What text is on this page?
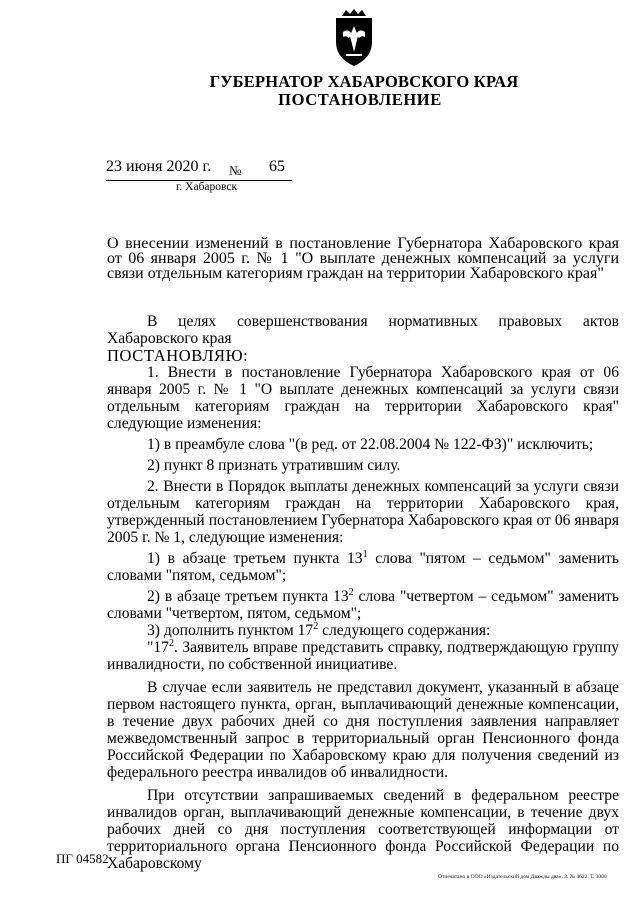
ГУБЕРНАТОР ХАБАРОВСКОГО КРАЯ
ПОСТАНОВЛЕНИЕ
23 июня 2020 г. № 65
г. Хабаровск
О внесении изменений в постановление Губернатора Хабаровского края от 06 января 2005 г. № 1 "О выплате денежных компенсаций за услуги связи отдельным категориям граждан на территории Хабаровского края"

В целях совершенствования нормативных правовых актов Хабаровского края

ПОСТАНОВЛЯЮ:

1. Внести в постановление Губернатора Хабаровского края от 06 января 2005 г. № 1 "О выплате денежных компенсаций за услуги связи отдельным категориям граждан на территории Хабаровского края" следующие изменения:

1) в преамбуле слова "(в ред. от 22.08.2004 № 122-ФЗ)" исключить;

2) пункт 8 признать утратившим силу.

2. Внести в Порядок выплаты денежных компенсаций за услуги связи отдельным категориям граждан на территории Хабаровского края, утвержденный постановлением Губернатора Хабаровского края от 06 января 2005 г. № 1, следующие изменения:

1) в абзаце третьем пункта $13^1$ слова "пятом – седьмом" заменить словами "пятом, седьмом";

2) в абзаце третьем пункта $13^2$ слова "четвертом – седьмом" заменить словами "четвертом, пятом, седьмом";

3) дополнить пунктом $17^2$ следующего содержания:

"$17^2$. Заявитель вправе представить справку, подтверждающую группу инвалидности, по собственной инициативе.

В случае если заявитель не представил документ, указанный в абзаце первом настоящего пункта, орган, выплачивающий денежные компенсации, в течение двух рабочих дней со дня поступления заявления направляет межведомственный запрос в территориальный орган Пенсионного фонда Российской Федерации по Хабаровскому краю для получения сведений из федерального реестра инвалидов об инвалидности.

При отсутствии запрашиваемых сведений в федеральном реестре инвалидов орган, выплачивающий денежные компенсации, в течение двух рабочих дней со дня поступления соответствующей информации от территориального органа Пенсионного фонда Российской Федерации по Хабаровскому

ПГ 04582
Отпечатано в ООО «Издательский дом Дважды два». З. № 4622. Т. 3000
